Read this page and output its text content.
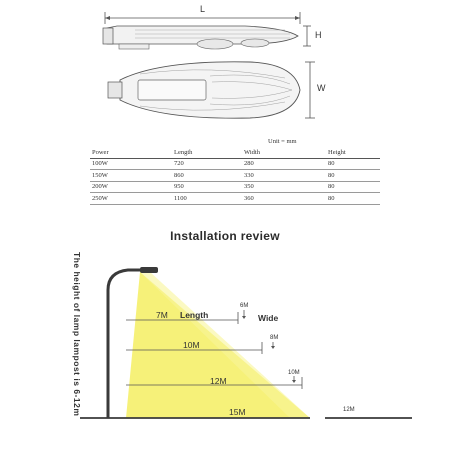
L
H
W
Unit = mm
Power	Length	Width	Height
100W	720	280	80
150W	860	330	80
200W	950	350	80
250W	1100	360	80
Installation review
The height of lamp lampost is 6-12m	7M Length
6M
Wide
10M
8M
12M
10M
15M	12M
